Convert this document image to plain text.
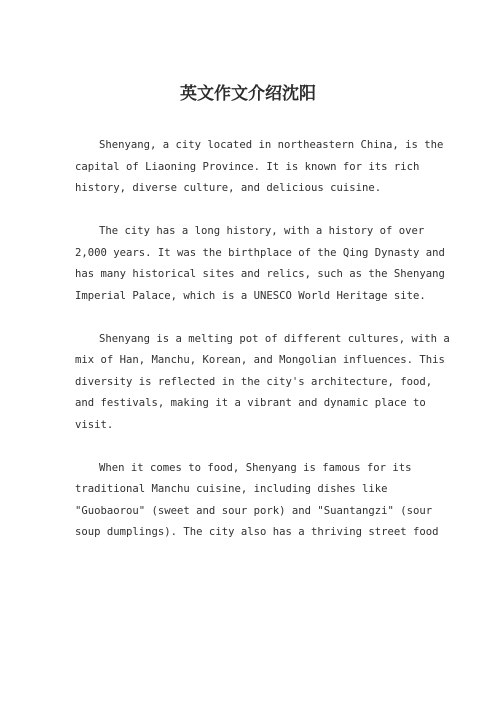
英文作文介绍沈阳
Shenyang, a city located in northeastern China, is the
capital of Liaoning Province. It is known for its rich
history, diverse culture, and delicious cuisine.
The city has a long history, with a history of over
2,000 years. It was the birthplace of the Qing Dynasty and
has many historical sites and relics, such as the Shenyang
Imperial Palace, which is a UNESCO World Heritage site.
Shenyang is a melting pot of different cultures, with a
mix of Han, Manchu, Korean, and Mongolian influences. This
diversity is reflected in the city's architecture, food,
and festivals, making it a vibrant and dynamic place to
visit.
When it comes to food, Shenyang is famous for its
traditional Manchu cuisine, including dishes like
"Guobaorou" (sweet and sour pork) and "Suantangzi" (sour
soup dumplings). The city also has a thriving street food
